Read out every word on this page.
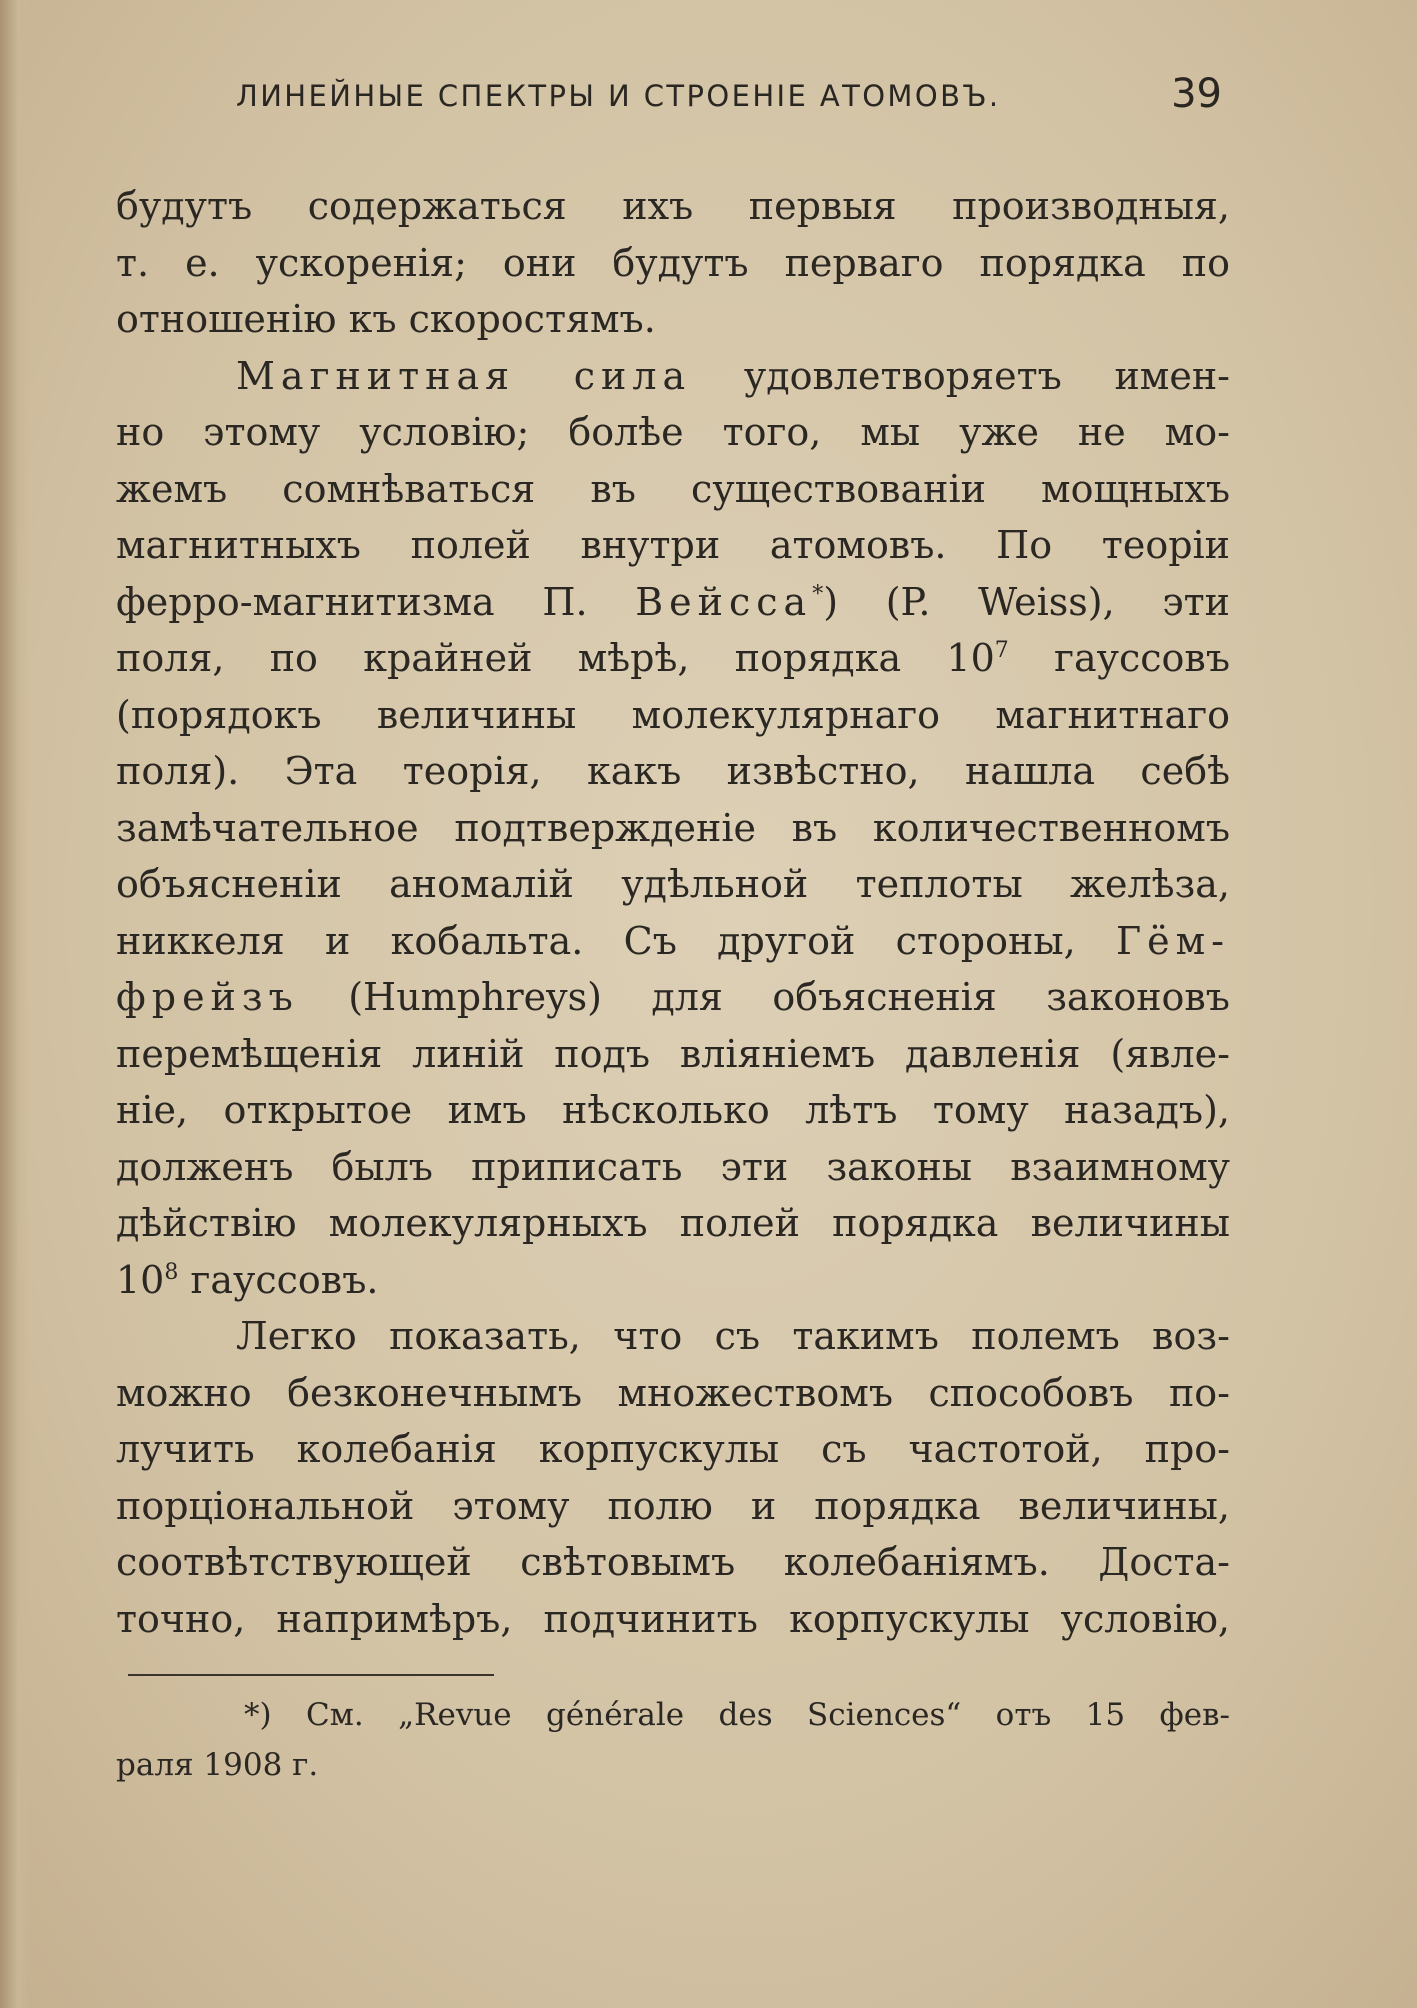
ЛИНЕЙНЫЕ СПЕКТРЫ И СТРОЕНІЕ АТОМОВЪ.	39
будутъ содержаться ихъ первыя производныя,
т. е. ускоренія; они будутъ перваго порядка по
отношенію къ скоростямъ.
Магнитная сила удовлетворяетъ имен-
но этому условію; болѣе того, мы уже не мо-
жемъ сомнѣваться въ существованіи мощныхъ
магнитныхъ полей внутри атомовъ. По теоріи
ферро-магнитизма П. Вейсса*) (P. Weiss), эти
поля, по крайней мѣрѣ, порядка $10^7$ гауссовъ
(порядокъ величины молекулярнаго магнитнаго
поля). Эта теорія, какъ извѣстно, нашла себѣ
замѣчательное подтвержденіе въ количественномъ
объясненіи аномалій удѣльной теплоты желѣза,
никкеля и кобальта. Съ другой стороны, Гём-
фрейзъ (Humphreys) для объясненія законовъ
перемѣщенія линій подъ вліяніемъ давленія (явле-
ніе, открытое имъ нѣсколько лѣтъ тому назадъ),
долженъ былъ приписать эти законы взаимному
дѣйствію молекулярныхъ полей порядка величины
$10^8$ гауссовъ.
Легко показать, что съ такимъ полемъ воз-
можно безконечнымъ множествомъ способовъ по-
лучить колебанія корпускулы съ частотой, про-
порціональной этому полю и порядка величины,
соотвѣтствующей свѣтовымъ колебаніямъ. Доста-
точно, напримѣръ, подчинить корпускулы условію,
*) См. „Revue générale des Sciences“ отъ 15 фев-
раля 1908 г.
